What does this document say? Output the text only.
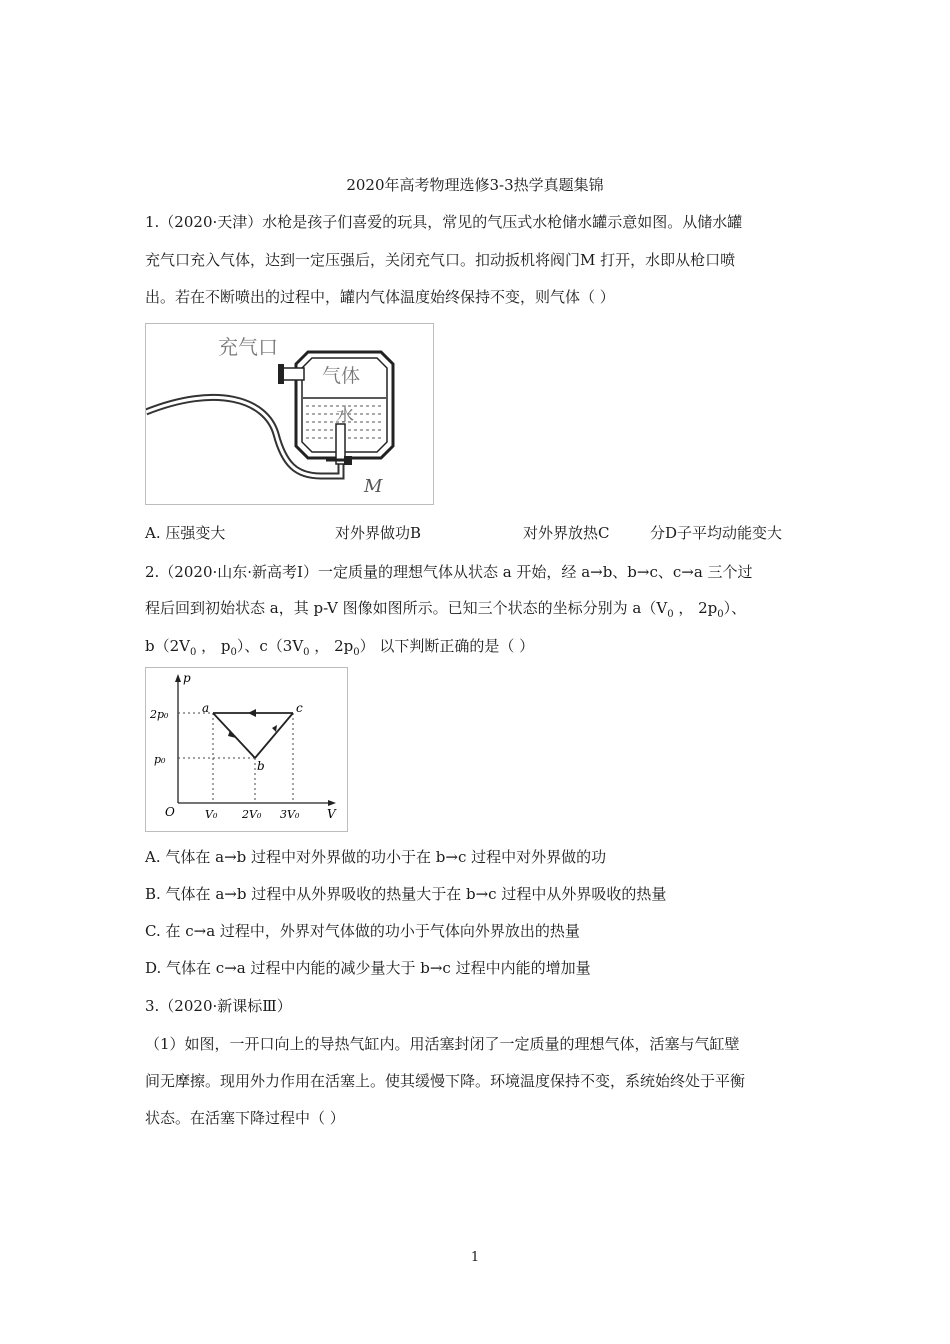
2020年高考物理选修3-3热学真题集锦
1.（2020·天津）水枪是孩子们喜爱的玩具，常见的气压式水枪储水罐示意如图。从储水罐
充气口充入气体，达到一定压强后，关闭充气口。扣动扳机将阀门M 打开，水即从枪口喷
出。若在不断喷出的过程中，罐内气体温度始终保持不变，则气体（ ）
充气口
气体
水
M
A. 压强变大	对外界做功B	对外界放热C	分D子平均动能变大
2.（2020·山东·新高考Ⅰ）一定质量的理想气体从状态 a 开始，经 a→b、b→c、c→a 三个过
程后回到初始状态 a，其 p-V 图像如图所示。已知三个状态的坐标分别为 $a(V_0$ ， $2p_0$）、
$b(2V_0$ ， $p_0$）、$c(3V_0$ ， $2p_0$） 以下判断正确的是（ ）
p
V
O
2p₀
p₀
V₀ 2V₀ 3V₀
a
b
c
A. 气体在 a→b 过程中对外界做的功小于在 b→c 过程中对外界做的功
B. 气体在 a→b 过程中从外界吸收的热量大于在 b→c 过程中从外界吸收的热量
C. 在 c→a 过程中，外界对气体做的功小于气体向外界放出的热量
D. 气体在 c→a 过程中内能的减少量大于 b→c 过程中内能的增加量
3.（2020·新课标Ⅲ）
（1）如图，一开口向上的导热气缸内。用活塞封闭了一定质量的理想气体，活塞与气缸壁
间无摩擦。现用外力作用在活塞上。使其缓慢下降。环境温度保持不变，系统始终处于平衡
状态。在活塞下降过程中（ ）
1
